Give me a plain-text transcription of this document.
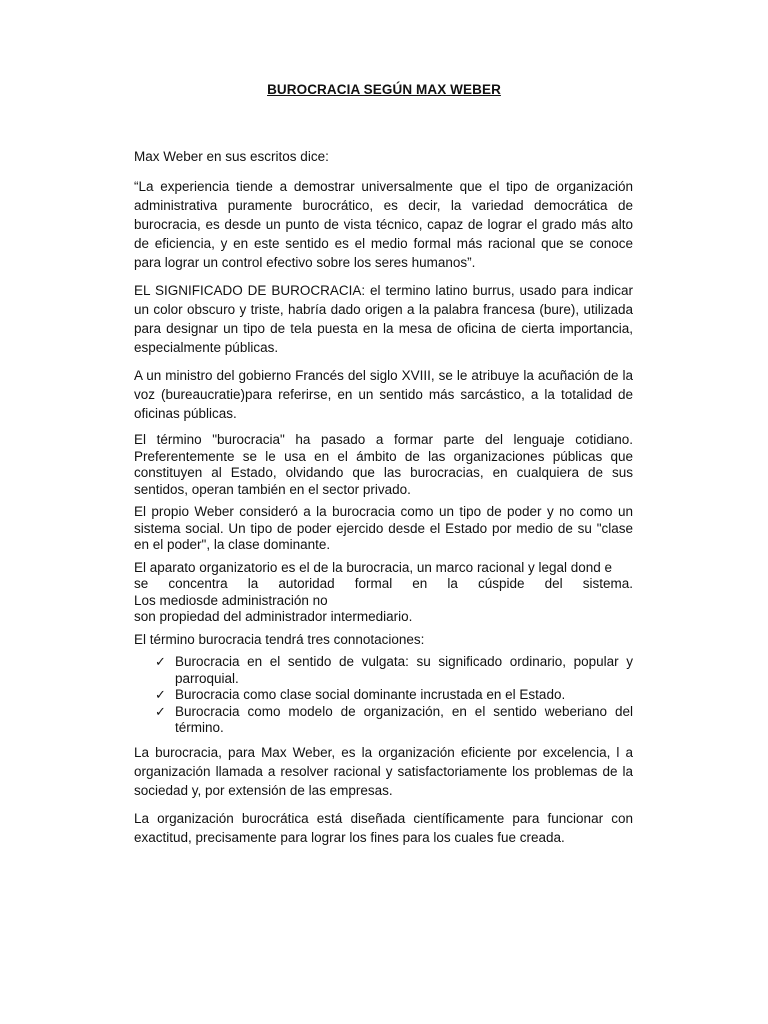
BUROCRACIA SEGÚN MAX WEBER

Max Weber en sus escritos dice:

“La experiencia tiende a demostrar universalmente que el tipo de organización administrativa puramente burocrático, es decir, la variedad democrática de burocracia, es desde un punto de vista técnico, capaz de lograr el grado más alto de eficiencia, y en este sentido es el medio formal más racional que se conoce para lograr un control efectivo sobre los seres humanos”.

EL SIGNIFICADO DE BUROCRACIA: el termino latino burrus, usado para indicar un color obscuro y triste, habría dado origen a la palabra francesa (bure), utilizada para designar un tipo de tela puesta en la mesa de oficina de cierta importancia, especialmente públicas.

A un ministro del gobierno Francés del siglo XVIII, se le atribuye la acuñación de la voz (bureaucratie)para referirse, en un sentido más sarcástico, a la totalidad de oficinas públicas.

El término "burocracia" ha pasado a formar parte del lenguaje cotidiano. Preferentemente se le usa en el ámbito de las organizaciones públicas que constituyen al Estado, olvidando que las burocracias, en cualquiera de sus sentidos, operan también en el sector privado.

El propio Weber consideró a la burocracia como un tipo de poder y no como un sistema social. Un tipo de poder ejercido desde el Estado por medio de su "clase en el poder", la clase dominante.

El aparato organizatorio es el de la burocracia, un marco racional y legal dond e
se concentra la autoridad formal en la cúspide del sistema.
Los mediosde administración no
son propiedad del administrador intermediario.

El término burocracia tendrá tres connotaciones:

✓ Burocracia en el sentido de vulgata: su significado ordinario, popular y parroquial.
✓ Burocracia como clase social dominante incrustada en el Estado.
✓ Burocracia como modelo de organización, en el sentido weberiano del término.

La burocracia, para Max Weber, es la organización eficiente por excelencia, l a organización llamada a resolver racional y satisfactoriamente los problemas de la sociedad y, por extensión de las empresas.

La organización burocrática está diseñada científicamente para funcionar con exactitud, precisamente para lograr los fines para los cuales fue creada.
